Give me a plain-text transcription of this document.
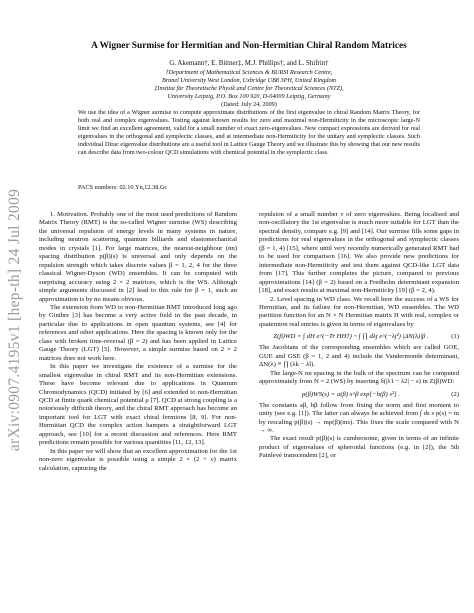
arXiv:0907.4195v1 [hep-th] 24 Jul 2009
A Wigner Surmise for Hermitian and Non-Hermitian Chiral Random Matrices
G. Akemann†, E. Bittner‡, M.J. Phillips†, and L. Shifrin†
†Department of Mathematical Sciences & BURSI Research Centre,
Brunel University West London, Uxbridge UB8 3PH, United Kingdom
‡Institut für Theoretische Physik and Centre for Theoretical Sciences (NTZ),
University Leipzig, P.O. Box 100 920, D-04009 Leipzig, Germany
(Dated: July 24, 2009)
We use the idea of a Wigner surmise to compute approximate distributions of the first eigenvalue in chiral Random Matrix Theory, for both real and complex eigenvalues. Testing against known results for zero and maximal non-Hermiticity in the microscopic large-N limit we find an excellent agreement, valid for a small number of exact zero-eigenvalues. New compact expressions are derived for real eigenvalues in the orthogonal and symplectic classes, and at intermediate non-Hermiticity for the unitary and symplectic classes. Such individual Dirac eigenvalue distributions are a useful tool in Lattice Gauge Theory and we illustrate this by showing that our new results can describe data from two-colour QCD simulations with chemical potential in the symplectic class.
PACS numbers: 02.10.Yn,12.38.Gc

1. Motivation. Probably one of the most used predictions of Random Matrix Theory (RMT) is the so-called Wigner surmise (WS) describing the universal repulsion of energy levels in many systems in nature, including neutron scattering, quantum billiards and elastomechanical modes in crystals [1]. For large matrices, the nearest-neighbour (nn) spacing distribution p(β)(s) is universal and only depends on the repulsion strength which takes discrete values β = 1, 2, 4 for the three classical Wigner-Dyson (WD) ensembles. It can be computed with surprising accuracy using 2 × 2 matrices, which is the WS. Although simple arguments discussed in [2] lead to this rule for β = 1, such an approximation is by no means obvious.

The extension from WD to non-Hermitian RMT introduced long ago by Ginibre [3] has become a very active field in the past decade, in particular due to applications in open quantum systems, see [4] for references and other applications. Here the spacing is known only for the class with broken time-reversal (β = 2) and has been applied in Lattice Gauge Theory (LGT) [5]. However, a simple surmise based on 2 × 2 matrices does not work here.

In this paper we investigate the existence of a surmise for the smallest eigenvalue in chiral RMT and its non-Hermitian extensions. These have become relevant due to applications in Quantum Chromodynamics (QCD) initiated by [6] and extended to non-Hermitian QCD at finite quark chemical potential μ [7]. QCD at strong coupling is a notoriously difficult theory, and the chiral RMT approach has become an important tool for LGT with exact chiral fermions [8, 9]. For non-Hermitian QCD the complex action hampers a straightforward LGT approach, see [10] for a recent discussion and references. Here RMT predictions remain possible for various quantities [11, 12, 13].

In this paper we will show that an excellent approximation for the 1st non-zero eigenvalue is possible using a simple 2 × (2 + ν) matrix calculation, capturing the

repulsion of a small number ν of zero eigenvalues. Being localised and non-oscillatory the 1st eigenvalue is much more suitable for LGT than the spectral density, compare e.g. [9] and [14]. Our surmise fills some gaps in predictions for real eigenvalues in the orthogonal and symplectic classes (β = 1, 4) [15], where until very recently numerically generated RMT had to be used for comparison [16]. We also provide new predictions for intermediate non-Hermiticity and test them against QCD-like LGT data from [17]. This further completes the picture, compared to previous approximations [14] (β = 2) based on a Fredholm determinant expansion [18], and exact results at maximal non-Hermiticity [19] (β = 2, 4).

2. Level spacing in WD class. We recall here the success of a WS for Hermitian, and its failure for non-Hermitian, WD ensembles. The WD partition function for an N × N Hermitian matrix H with real, complex or quaternion real entries is given in terms of eigenvalues by

Z(β)WD = ∫ dH e^(−Tr HH†) ~ ∫ ∏ dλj e^(−λj²) |ΔN(λ)|β .	(1)

The Jacobians of the corresponding ensembles which are called GOE, GUE and GSE (β = 1, 2 and 4) include the Vandermonde determinant, ΔN(λ) ≡ ∏ (λk − λl).

The large-N nn spacing in the bulk of the spectrum can be computed approximately from N = 2 (WS) by inserting δ(|λ1 − λ2| − s) in Z(β)WD:

p(β)WS(s) = a(β) s^β exp[−b(β) s²] .	(2)

The constants aβ, bβ follow from fixing the norm and first moment to unity (see e.g. [1]). The latter can always be achieved from ∫ ds s p(s) = m by rescaling p(β)(s) → mp(β)(ms). This fixes the scale compared with N → ∞.

The exact result p(β)(s) is cumbersome, given in terms of an infinite product of eigenvalues of spheroidal functions (e.g. in [2]), the 5th Painlevé transcendent [2], or
